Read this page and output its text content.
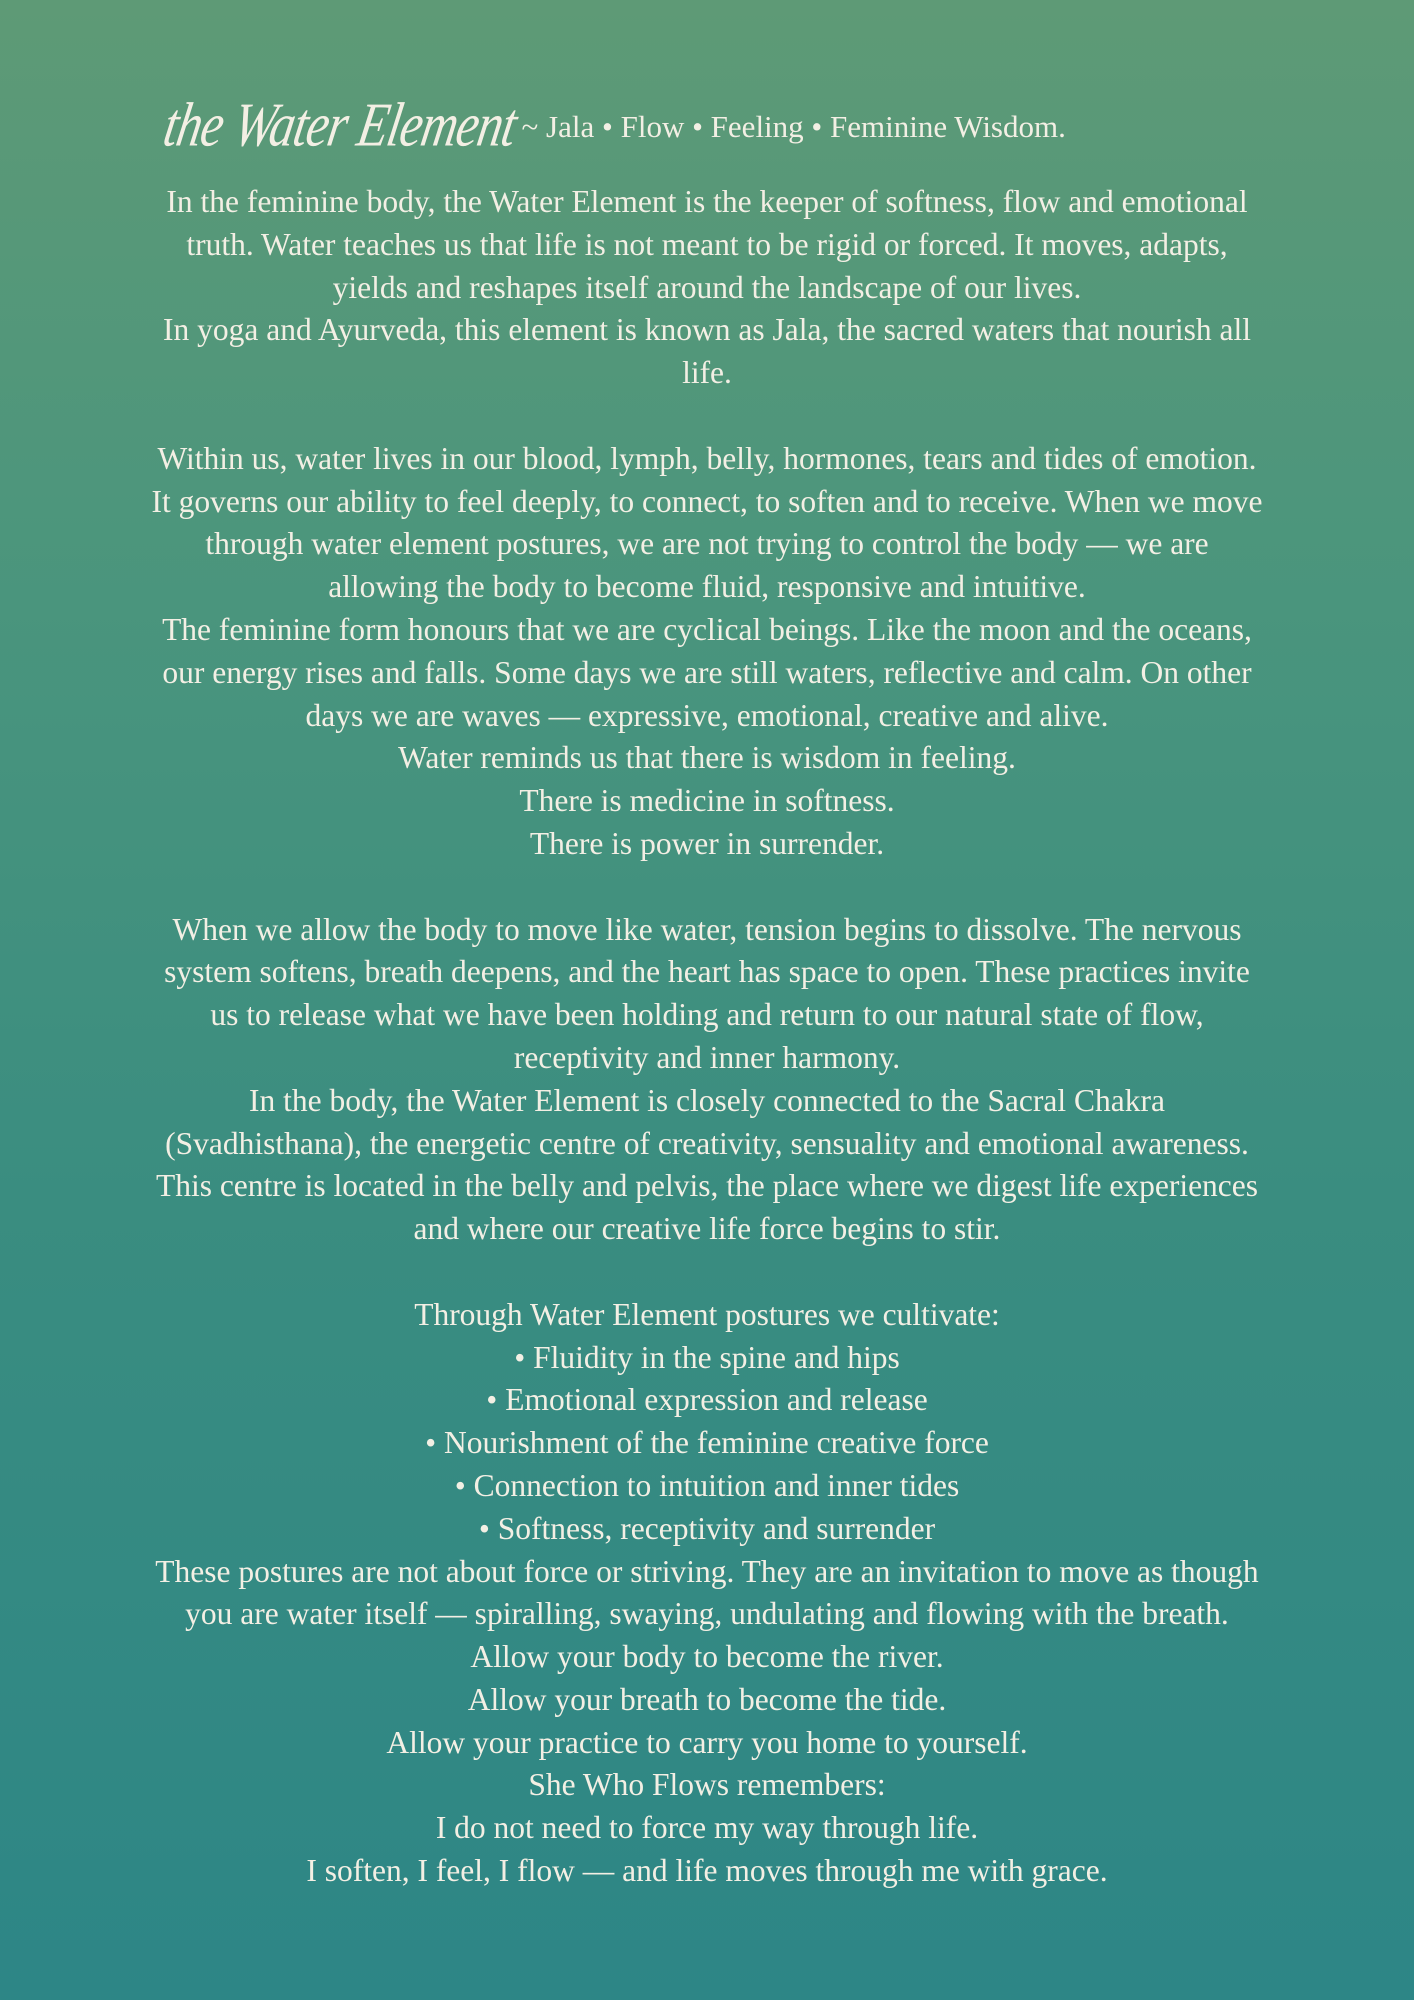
the Water Element ~ Jala • Flow • Feeling • Feminine Wisdom.

In the feminine body, the Water Element is the keeper of softness, flow and emotional truth. Water teaches us that life is not meant to be rigid or forced. It moves, adapts, yields and reshapes itself around the landscape of our lives.

In yoga and Ayurveda, this element is known as Jala, the sacred waters that nourish all life.

Within us, water lives in our blood, lymph, belly, hormones, tears and tides of emotion. It governs our ability to feel deeply, to connect, to soften and to receive. When we move through water element postures, we are not trying to control the body — we are allowing the body to become fluid, responsive and intuitive.

The feminine form honours that we are cyclical beings. Like the moon and the oceans, our energy rises and falls. Some days we are still waters, reflective and calm. On other days we are waves — expressive, emotional, creative and alive.

Water reminds us that there is wisdom in feeling.

There is medicine in softness.

There is power in surrender.

When we allow the body to move like water, tension begins to dissolve. The nervous system softens, breath deepens, and the heart has space to open. These practices invite us to release what we have been holding and return to our natural state of flow, receptivity and inner harmony.

In the body, the Water Element is closely connected to the Sacral Chakra (Svadhisthana), the energetic centre of creativity, sensuality and emotional awareness. This centre is located in the belly and pelvis, the place where we digest life experiences and where our creative life force begins to stir.

Through Water Element postures we cultivate:

• Fluidity in the spine and hips

• Emotional expression and release

• Nourishment of the feminine creative force

• Connection to intuition and inner tides

• Softness, receptivity and surrender

These postures are not about force or striving. They are an invitation to move as though you are water itself — spiralling, swaying, undulating and flowing with the breath.

Allow your body to become the river.

Allow your breath to become the tide.

Allow your practice to carry you home to yourself.

She Who Flows remembers:

I do not need to force my way through life.

I soften, I feel, I flow — and life moves through me with grace.
